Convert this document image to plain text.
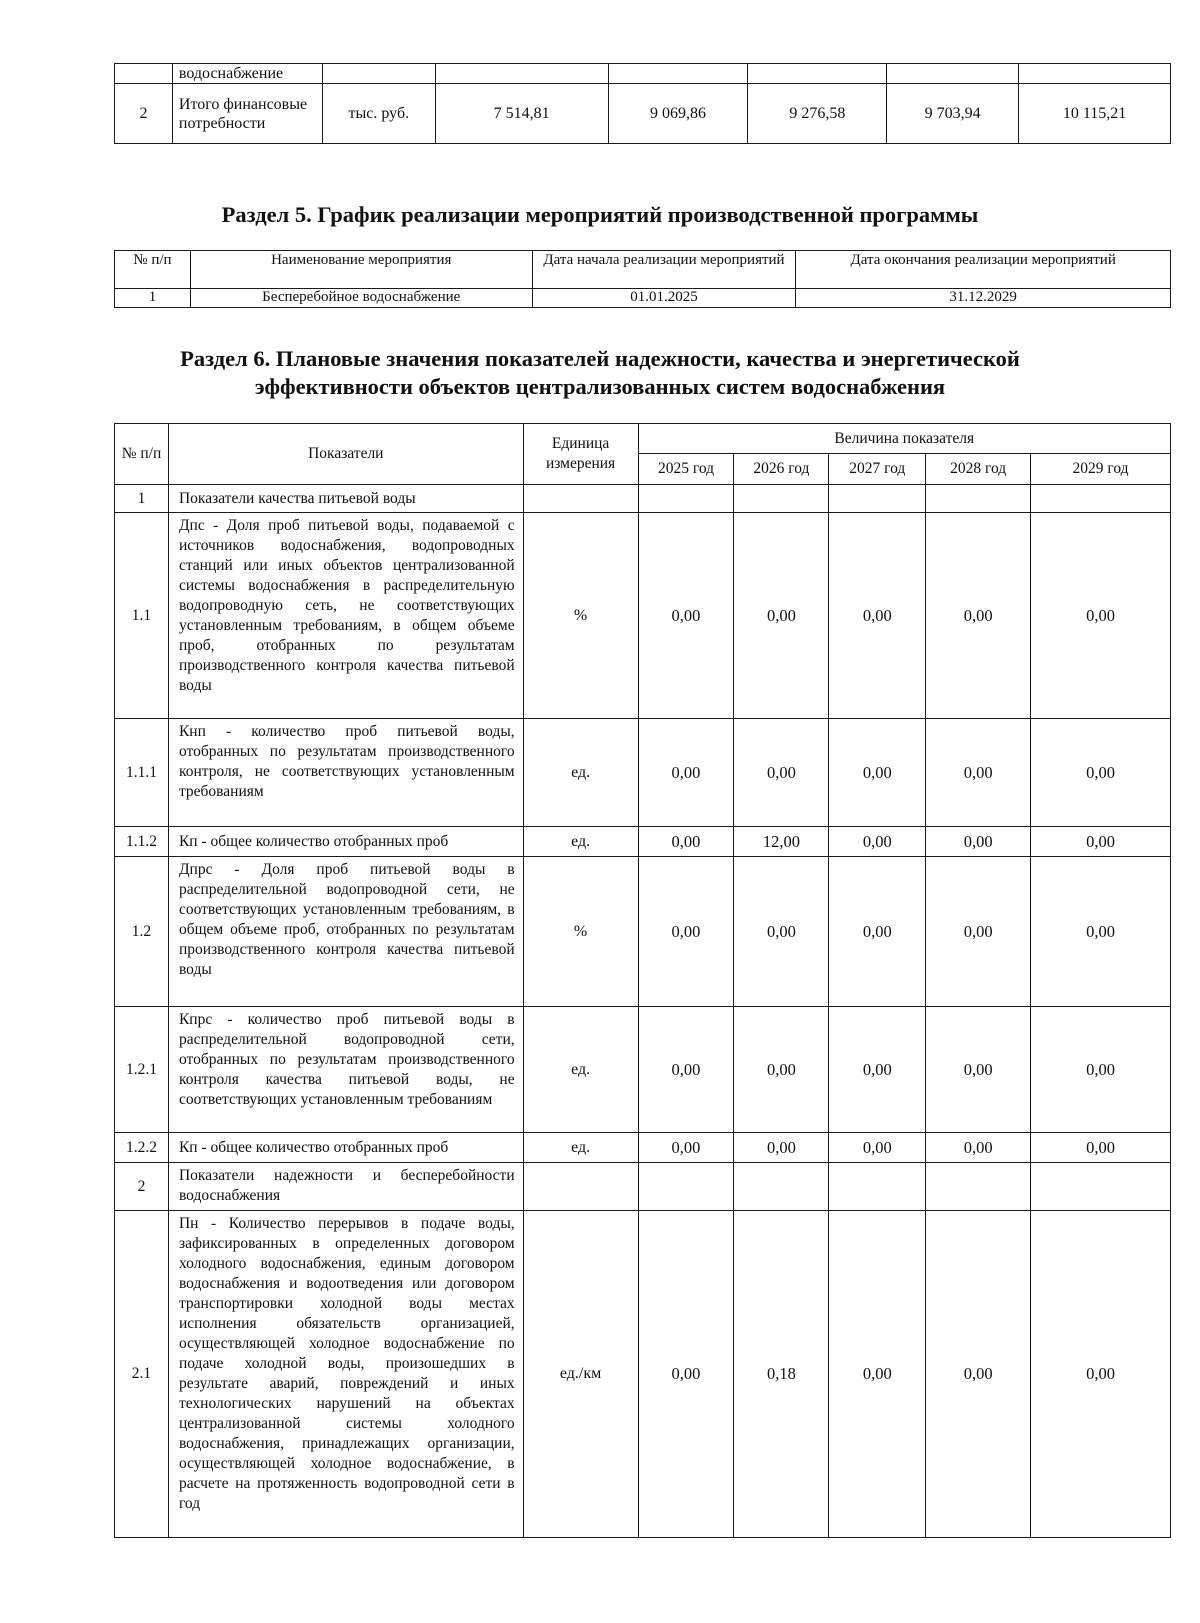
	водоснабжение						
2	Итого финансовые потребности	тыс. руб.	7 514,81	9 069,86	9 276,58	9 703,94	10 115,21
Раздел 5. График реализации мероприятий производственной программы
№ п/п	Наименование мероприятия	Дата начала реализации мероприятий	Дата окончания реализации мероприятий
1	Бесперебойное водоснабжение	01.01.2025	31.12.2029
Раздел 6. Плановые значения показателей надежности, качества и энергетической
эффективности объектов централизованных систем водоснабжения
№ п/п	Показатели	Единица измерения	Величина показателя				
			2025 год	2026 год	2027 год	2028 год	2029 год
1	Показатели качества питьевой воды						
1.1	Дпс - Доля проб питьевой воды, подаваемой с источников водоснабжения, водопроводных станций или иных объектов централизованной системы водоснабжения в распределительную водопроводную сеть, не соответствующих установленным требованиям, в общем объеме проб, отобранных по результатам производственного контроля качества питьевой воды	%	0,00	0,00	0,00	0,00	0,00
1.1.1	Кнп - количество проб питьевой воды, отобранных по результатам производственного контроля, не соответствующих установленным требованиям	ед.	0,00	0,00	0,00	0,00	0,00
1.1.2	Кп - общее количество отобранных проб	ед.	0,00	12,00	0,00	0,00	0,00
1.2	Дпрс - Доля проб питьевой воды в распределительной водопроводной сети, не соответствующих установленным требованиям, в общем объеме проб, отобранных по результатам производственного контроля качества питьевой воды	%	0,00	0,00	0,00	0,00	0,00
1.2.1	Кпрс - количество проб питьевой воды в распределительной водопроводной сети, отобранных по результатам производственного контроля качества питьевой воды, не соответствующих установленным требованиям	ед.	0,00	0,00	0,00	0,00	0,00
1.2.2	Кп - общее количество отобранных проб	ед.	0,00	0,00	0,00	0,00	0,00
2	Показатели надежности и бесперебойности водоснабжения						
2.1	Пн - Количество перерывов в подаче воды, зафиксированных в определенных договором холодного водоснабжения, единым договором водоснабжения и водоотведения или договором транспортировки холодной воды местах исполнения обязательств организацией, осуществляющей холодное водоснабжение по подаче холодной воды, произошедших в результате аварий, повреждений и иных технологических нарушений на объектах централизованной системы холодного водоснабжения, принадлежащих организации, осуществляющей холодное водоснабжение, в расчете на протяженность водопроводной сети в год	ед./км	0,00	0,18	0,00	0,00	0,00
